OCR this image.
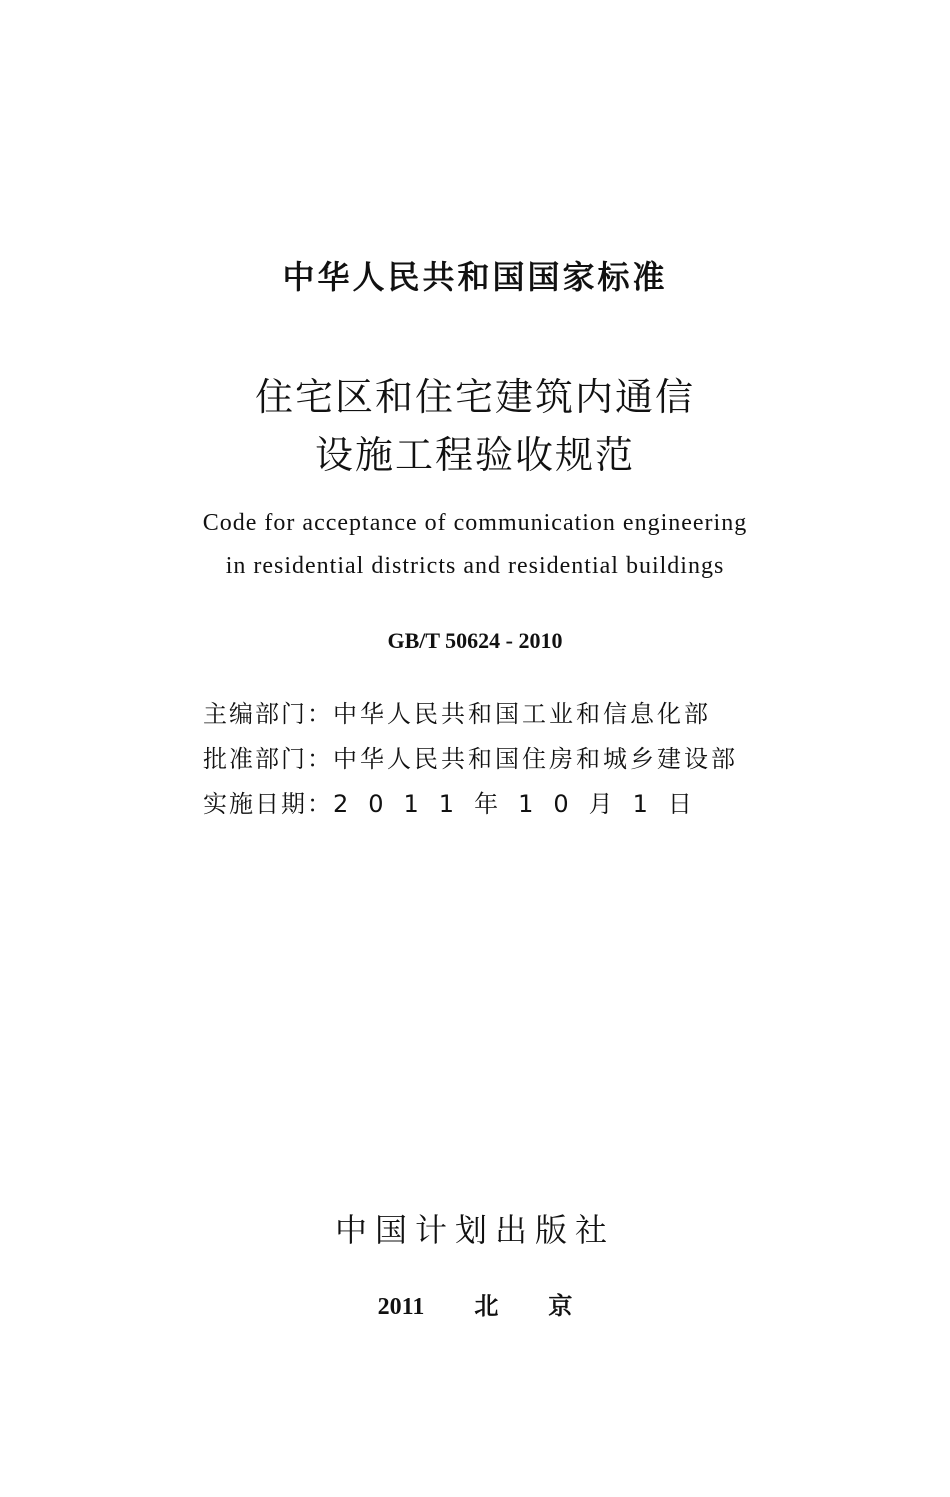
中华人民共和国国家标准
住宅区和住宅建筑内通信
设施工程验收规范
Code for acceptance of communication engineering
in residential districts and residential buildings
GB/T 50624 - 2010
主编部门： 中华人民共和国工业和信息化部
批准部门： 中华人民共和国住房和城乡建设部
实施日期： 2011年10月1日
中国计划出版社
2011 北 京
